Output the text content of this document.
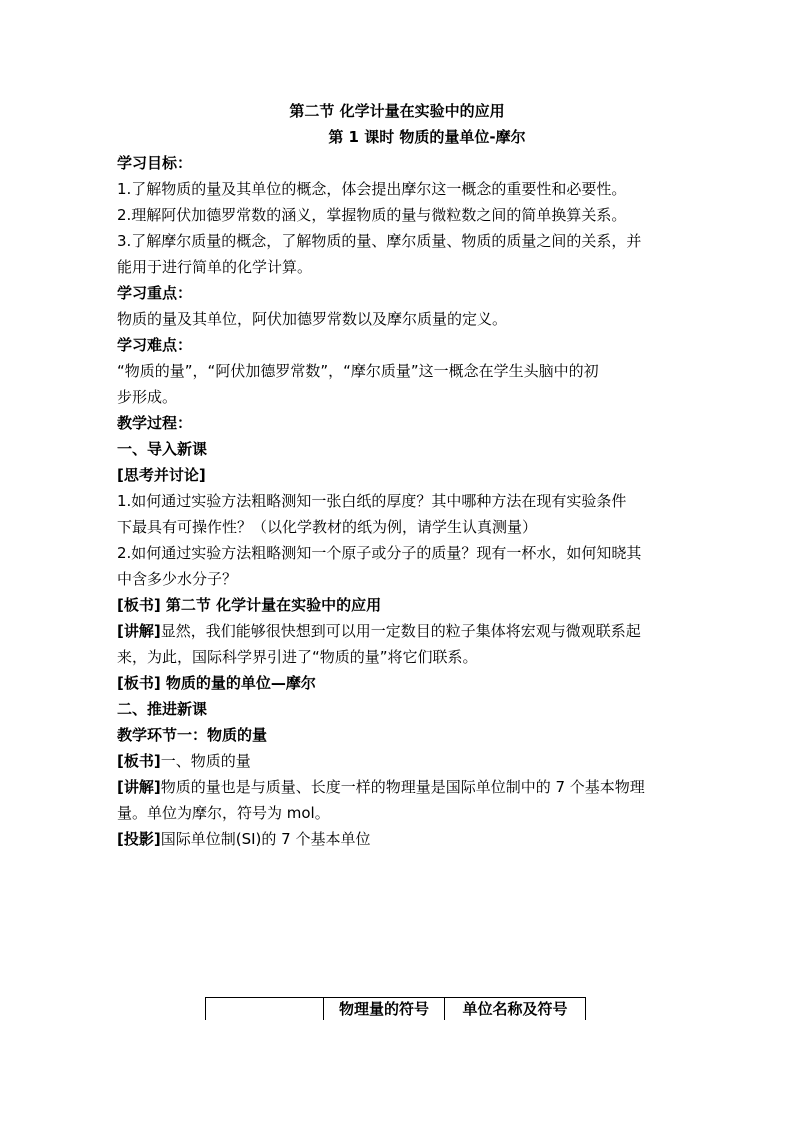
第二节 化学计量在实验中的应用
第 1 课时 物质的量单位-摩尔
学习目标：
1.了解物质的量及其单位的概念，体会提出摩尔这一概念的重要性和必要性。
2.理解阿伏加德罗常数的涵义，掌握物质的量与微粒数之间的简单换算关系。
3.了解摩尔质量的概念，了解物质的量、摩尔质量、物质的质量之间的关系，并
能用于进行简单的化学计算。
学习重点：
物质的量及其单位，阿伏加德罗常数以及摩尔质量的定义。
学习难点：
“物质的量”，“阿伏加德罗常数”，“摩尔质量”这一概念在学生头脑中的初
步形成。
教学过程：
一、导入新课
[思考并讨论]
1.如何通过实验方法粗略测知一张白纸的厚度？其中哪种方法在现有实验条件
下最具有可操作性？（以化学教材的纸为例，请学生认真测量）
2.如何通过实验方法粗略测知一个原子或分子的质量？现有一杯水，如何知晓其
中含多少水分子？
[板书] 第二节 化学计量在实验中的应用
[讲解]显然，我们能够很快想到可以用一定数目的粒子集体将宏观与微观联系起
来，为此，国际科学界引进了“物质的量”将它们联系。
[板书] 物质的量的单位—摩尔
二、推进新课
教学环节一：物质的量
[板书]一、物质的量
[讲解]物质的量也是与质量、长度一样的物理量是国际单位制中的 7 个基本物理
量。单位为摩尔，符号为 mol。
[投影]国际单位制(SI)的 7 个基本单位
	物理量的符号	单位名称及符号
